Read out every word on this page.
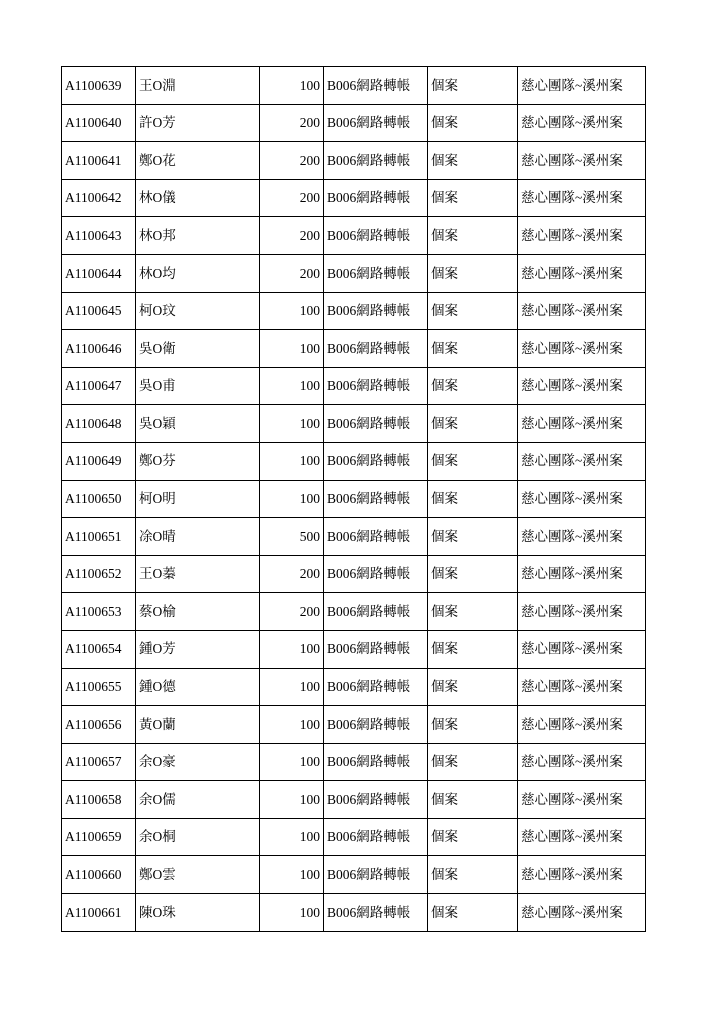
A1100639	王O淵	100	B006網路轉帳	個案	慈心團隊~溪州案
A1100640	許O芳	200	B006網路轉帳	個案	慈心團隊~溪州案
A1100641	鄭O花	200	B006網路轉帳	個案	慈心團隊~溪州案
A1100642	林O儀	200	B006網路轉帳	個案	慈心團隊~溪州案
A1100643	林O邦	200	B006網路轉帳	個案	慈心團隊~溪州案
A1100644	林O均	200	B006網路轉帳	個案	慈心團隊~溪州案
A1100645	柯O玟	100	B006網路轉帳	個案	慈心團隊~溪州案
A1100646	吳O衛	100	B006網路轉帳	個案	慈心團隊~溪州案
A1100647	吳O甫	100	B006網路轉帳	個案	慈心團隊~溪州案
A1100648	吳O穎	100	B006網路轉帳	個案	慈心團隊~溪州案
A1100649	鄭O芬	100	B006網路轉帳	個案	慈心團隊~溪州案
A1100650	柯O明	100	B006網路轉帳	個案	慈心團隊~溪州案
A1100651	凃O晴	500	B006網路轉帳	個案	慈心團隊~溪州案
A1100652	王O蓁	200	B006網路轉帳	個案	慈心團隊~溪州案
A1100653	蔡O榆	200	B006網路轉帳	個案	慈心團隊~溪州案
A1100654	鍾O芳	100	B006網路轉帳	個案	慈心團隊~溪州案
A1100655	鍾O德	100	B006網路轉帳	個案	慈心團隊~溪州案
A1100656	黃O蘭	100	B006網路轉帳	個案	慈心團隊~溪州案
A1100657	余O豪	100	B006網路轉帳	個案	慈心團隊~溪州案
A1100658	余O儒	100	B006網路轉帳	個案	慈心團隊~溪州案
A1100659	余O桐	100	B006網路轉帳	個案	慈心團隊~溪州案
A1100660	鄭O雲	100	B006網路轉帳	個案	慈心團隊~溪州案
A1100661	陳O珠	100	B006網路轉帳	個案	慈心團隊~溪州案
